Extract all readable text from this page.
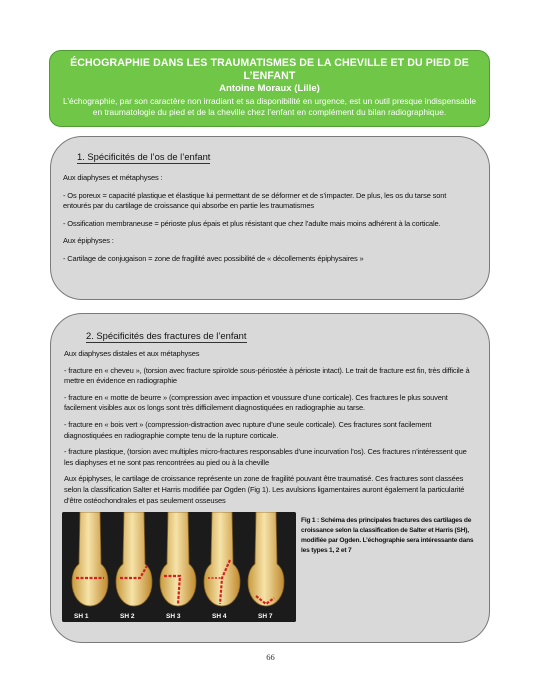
ÉCHOGRAPHIE DANS LES TRAUMATISMES DE LA CHEVILLE ET DU PIED DE L’ENFANT
Antoine Moraux (Lille)
L’échographie, par son caractère non irradiant et sa disponibilité en urgence, est un outil presque indispensable en traumatologie du pied et de la cheville chez l’enfant en complément du bilan radiographique.
1. Spécificités de l’os de l’enfant

Aux diaphyses et métaphyses :

- Os poreux = capacité plastique et élastique lui permettant de se déformer et de s’impacter. De plus, les os du tarse sont entourés par du cartilage de croissance qui absorbe en partie les traumatismes

- Ossification membraneuse = périoste plus épais et plus résistant que chez l’adulte mais moins adhérent à la corticale.

Aux épiphyses :

- Cartilage de conjugaison = zone de fragilité avec possibilité de « décollements épiphysaires »

2. Spécificités des fractures de l’enfant

Aux diaphyses distales et aux métaphyses

- fracture en « cheveu », (torsion avec fracture spiroïde sous-périostée à périoste intact). Le trait de fracture est fin, très difficile à mettre en évidence en radiographie

- fracture en « motte de beurre » (compression avec impaction et voussure d’une corticale). Ces fractures le plus souvent facilement visibles aux os longs sont très difficilement diagnostiquées en radiographie au tarse.

- fracture en « bois vert » (compression-distraction avec rupture d’une seule corticale). Ces fractures sont facilement diagnostiquées en radiographie compte tenu de la rupture corticale.

- fracture plastique, (torsion avec multiples micro-fractures responsables d’une incurvation l’os). Ces fractures n’intéressent que les diaphyses et ne sont pas rencontrées au pied ou à la cheville

Aux épiphyses, le cartilage de croissance représente un zone de fragilité pouvant être traumatisé. Ces fractures sont classées selon la classification Salter et Harris modifiée par Ogden (Fig 1). Les avulsions ligamentaires auront également la particularité d’être ostéochondrales et pas seulement osseuses

SH 1	SH 2	SH 3	SH 4	SH 7
Fig 1 : Schéma des principales fractures des cartilages de croissance selon la classification de Salter et Harris (SH), modifiée par Ogden. L’échographie sera intéressante dans les types 1, 2 et 7
66
